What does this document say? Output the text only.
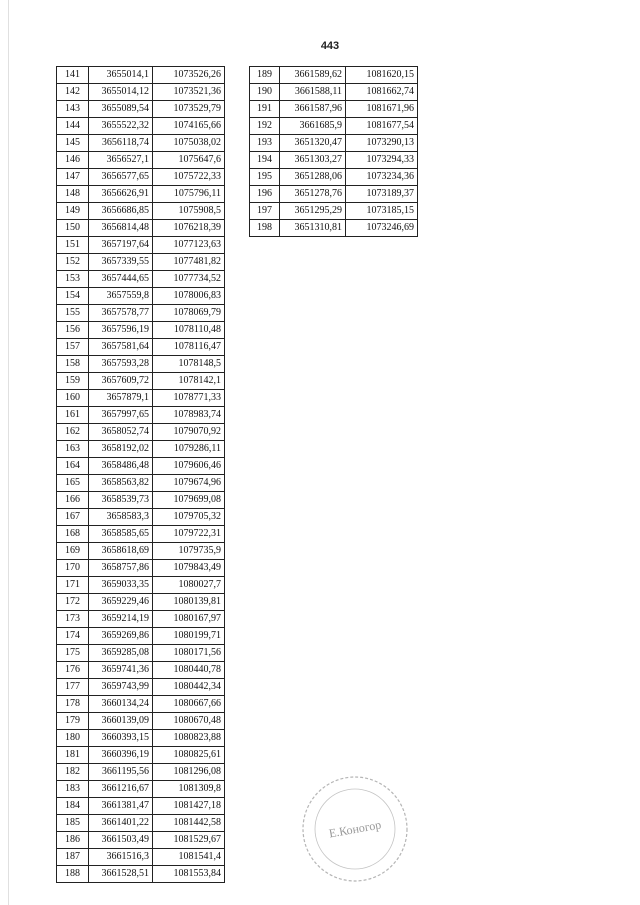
443
141	3655014,1	1073526,26
142	3655014,12	1073521,36
143	3655089,54	1073529,79
144	3655522,32	1074165,66
145	3656118,74	1075038,02
146	3656527,1	1075647,6
147	3656577,65	1075722,33
148	3656626,91	1075796,11
149	3656686,85	1075908,5
150	3656814,48	1076218,39
151	3657197,64	1077123,63
152	3657339,55	1077481,82
153	3657444,65	1077734,52
154	3657559,8	1078006,83
155	3657578,77	1078069,79
156	3657596,19	1078110,48
157	3657581,64	1078116,47
158	3657593,28	1078148,5
159	3657609,72	1078142,1
160	3657879,1	1078771,33
161	3657997,65	1078983,74
162	3658052,74	1079070,92
163	3658192,02	1079286,11
164	3658486,48	1079606,46
165	3658563,82	1079674,96
166	3658539,73	1079699,08
167	3658583,3	1079705,32
168	3658585,65	1079722,31
169	3658618,69	1079735,9
170	3658757,86	1079843,49
171	3659033,35	1080027,7
172	3659229,46	1080139,81
173	3659214,19	1080167,97
174	3659269,86	1080199,71
175	3659285,08	1080171,56
176	3659741,36	1080440,78
177	3659743,99	1080442,34
178	3660134,24	1080667,66
179	3660139,09	1080670,48
180	3660393,15	1080823,88
181	3660396,19	1080825,61
182	3661195,56	1081296,08
183	3661216,67	1081309,8
184	3661381,47	1081427,18
185	3661401,22	1081442,58
186	3661503,49	1081529,67
187	3661516,3	1081541,4
188	3661528,51	1081553,84
189	3661589,62	1081620,15
190	3661588,11	1081662,74
191	3661587,96	1081671,96
192	3661685,9	1081677,54
193	3651320,47	1073290,13
194	3651303,27	1073294,33
195	3651288,06	1073234,36
196	3651278,76	1073189,37
197	3651295,29	1073185,15
198	3651310,81	1073246,69
Е.Коногор
